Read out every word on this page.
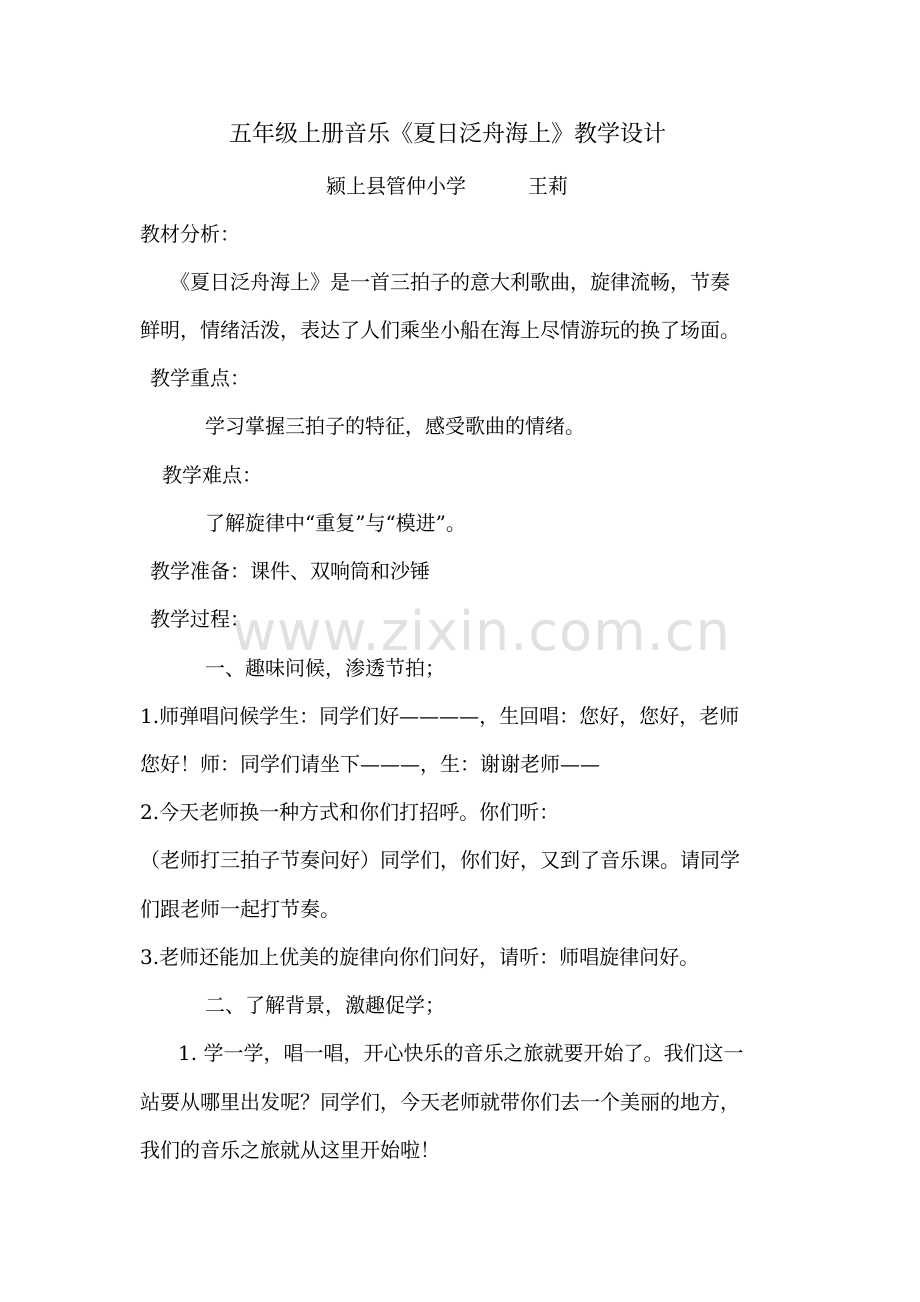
五年级上册音乐《夏日泛舟海上》教学设计
颍上县管仲小学	王莉
教材分析：
《夏日泛舟海上》是一首三拍子的意大利歌曲，旋律流畅，节奏
鲜明，情绪活泼，表达了人们乘坐小船在海上尽情游玩的换了场面。
教学重点：
学习掌握三拍子的特征，感受歌曲的情绪。
教学难点：
了解旋律中“重复”与“模进”。
教学准备：课件、双响筒和沙锤
教学过程：
一、趣味问候，渗透节拍；
1.师弹唱问候学生：同学们好————，生回唱：您好，您好，老师
您好！师：同学们请坐下———，生：谢谢老师——
2.今天老师换一种方式和你们打招呼。你们听：
（老师打三拍子节奏问好）同学们，你们好，又到了音乐课。请同学
们跟老师一起打节奏。
3.老师还能加上优美的旋律向你们问好，请听：师唱旋律问好。
二、了解背景，激趣促学；
1. 学一学，唱一唱，开心快乐的音乐之旅就要开始了。我们这一
站要从哪里出发呢？同学们，今天老师就带你们去一个美丽的地方，
我们的音乐之旅就从这里开始啦！
www.zixin.com.cn
